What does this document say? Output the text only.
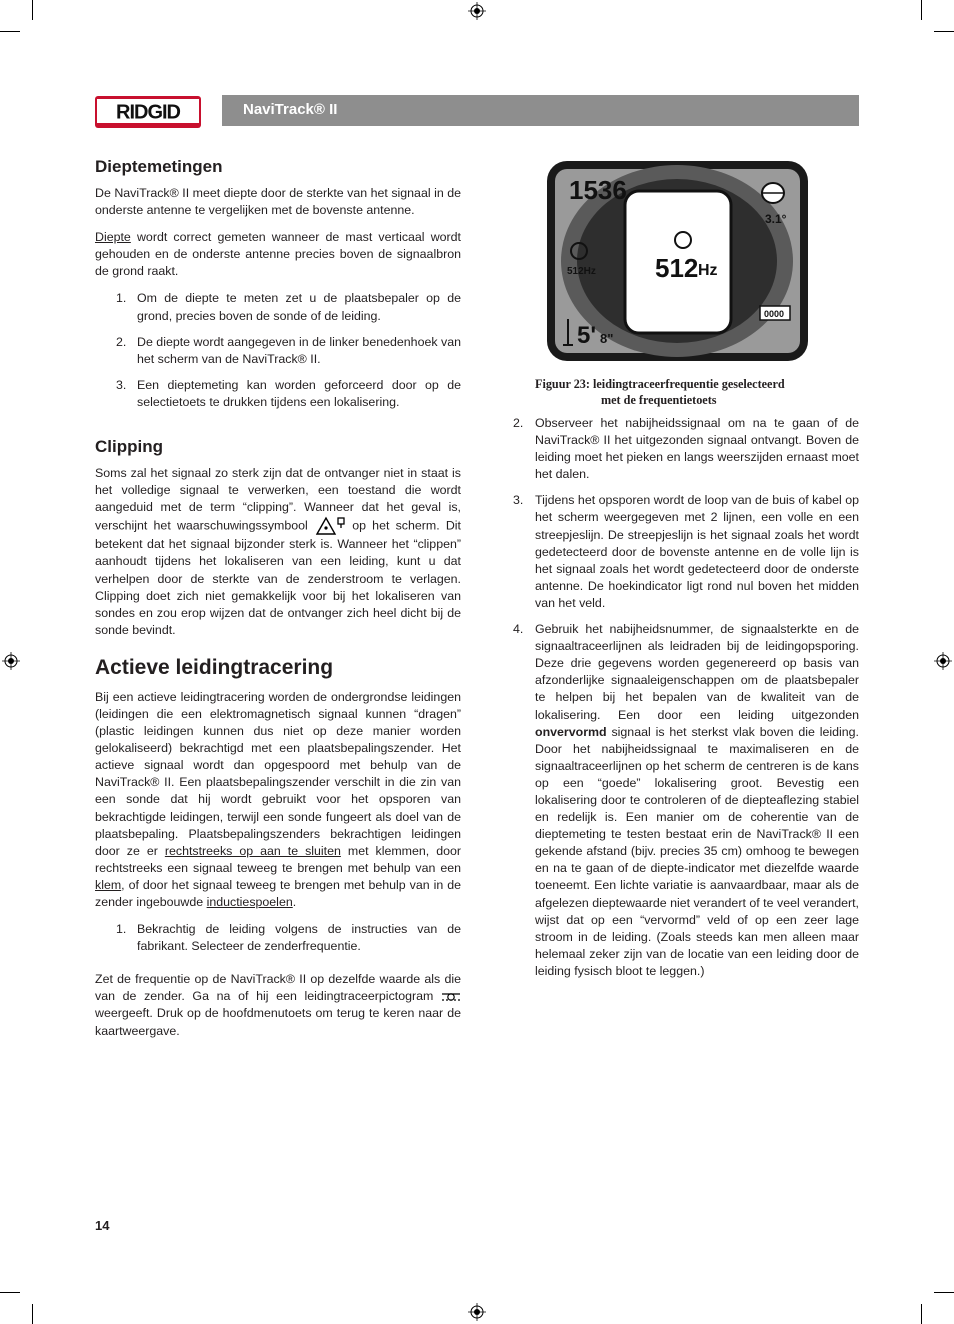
RIDGID	NaviTrack® II
Dieptemetingen

De NaviTrack® II meet diepte door de sterkte van het signaal in de onderste antenne te vergelijken met de bovenste antenne.

Diepte wordt correct gemeten wanneer de mast verticaal wordt gehouden en de onderste antenne precies boven de signaalbron de grond raakt.

1. Om de diepte te meten zet u de plaatsbepaler op de grond, precies boven de sonde of de leiding.
2. De diepte wordt aangegeven in de linker benedenhoek van het scherm van de NaviTrack® II.
3. Een dieptemeting kan worden geforceerd door op de selectietoets te drukken tijdens een lokalisering.
Clipping

Soms zal het signaal zo sterk zijn dat de ontvanger niet in staat is het volledige signaal te verwerken, een toestand die wordt aangeduid met de term “clipping”. Wanneer dat het geval is, verschijnt het waarschuwingssymbool	op het scherm. Dit betekent dat het signaal bijzonder sterk is. Wanneer het “clippen” aanhoudt tijdens het lokaliseren van een leiding, kunt u dat verhelpen door de sterkte van de zenderstroom te verlagen. Clipping doet zich niet gemakkelijk voor bij het lokaliseren van sondes en zou erop wijzen dat de ontvanger zich heel dicht bij de sonde bevindt.

Actieve leidingtracering

Bij een actieve leidingtracering worden de ondergrondse leidingen (leidingen die een elektromagnetisch signaal kunnen “dragen” (plastic leidingen kunnen dus niet op deze manier worden gelokaliseerd) bekrachtigd met een plaatsbepalingszender. Het actieve signaal wordt dan opgespoord met behulp van de NaviTrack® II. Een plaatsbepalingszender verschilt in die zin van een sonde dat hij wordt gebruikt voor het opsporen van bekrachtigde leidingen, terwijl een sonde fungeert als doel van de plaatsbepaling. Plaatsbepalingszenders bekrachtigen leidingen door ze er rechtstreeks op aan te sluiten met klemmen, door rechtstreeks een signaal teweeg te brengen met behulp van een klem, of door het signaal teweeg te brengen met behulp van in de zender ingebouwde inductiespoelen.

1. Bekrachtig de leiding volgens de instructies van de fabrikant. Selecteer de zenderfrequentie.

Zet de frequentie op de NaviTrack® II op dezelfde waarde als die van de zender. Ga na of hij een leidingtraceerpictogram  weergeeft. Druk op de hoofdmenutoets om terug te keren naar de kaartweergave.

1536
3.1°
512Hz 512 Hz
0000
5' 8"
Figuur 23: leidingtraceerfrequentie geselecteerd
met de frequentietoets
2. Observeer het nabijheidssignaal om na te gaan of de NaviTrack® II het uitgezonden signaal ontvangt. Boven de leiding moet het pieken en langs weerszijden ernaast moet het dalen.
3. Tijdens het opsporen wordt de loop van de buis of kabel op het scherm weergegeven met 2 lijnen, een volle en een streepjeslijn. De streepjeslijn is het signaal zoals het wordt gedetecteerd door de bovenste antenne en de volle lijn is het signaal zoals het wordt gedetecteerd door de onderste antenne. De hoekindicator ligt rond nul boven het midden van het veld.
4. Gebruik het nabijheidsnummer, de signaalsterkte en de signaaltraceerlijnen als leidraden bij de leidingopsporing. Deze drie gegevens worden gegenereerd op basis van afzonderlijke signaaleigenschappen om de plaatsbepaler te helpen bij het bepalen van de kwaliteit van de lokalisering. Een door een leiding uitgezonden onvervormd signaal is het sterkst vlak boven die leiding. Door het nabijheidssignaal te maximaliseren en de signaaltraceerlijnen op het scherm de centreren is de kans op een “goede” lokalisering groot. Bevestig een lokalisering door te controleren of de diepteaflezing stabiel en redelijk is. Een manier om de coherentie van de dieptemeting te testen bestaat erin de NaviTrack® II een gekende afstand (bijv. precies 35 cm) omhoog te bewegen en na te gaan of de diepte-indicator met diezelfde waarde toeneemt. Een lichte variatie is aanvaardbaar, maar als de afgelezen dieptewaarde niet verandert of te veel verandert, wijst dat op een “vervormd” veld of op een zeer lage stroom in de leiding. (Zoals steeds kan men alleen maar helemaal zeker zijn van de locatie van een leiding door de leiding fysisch bloot te leggen.)
14
